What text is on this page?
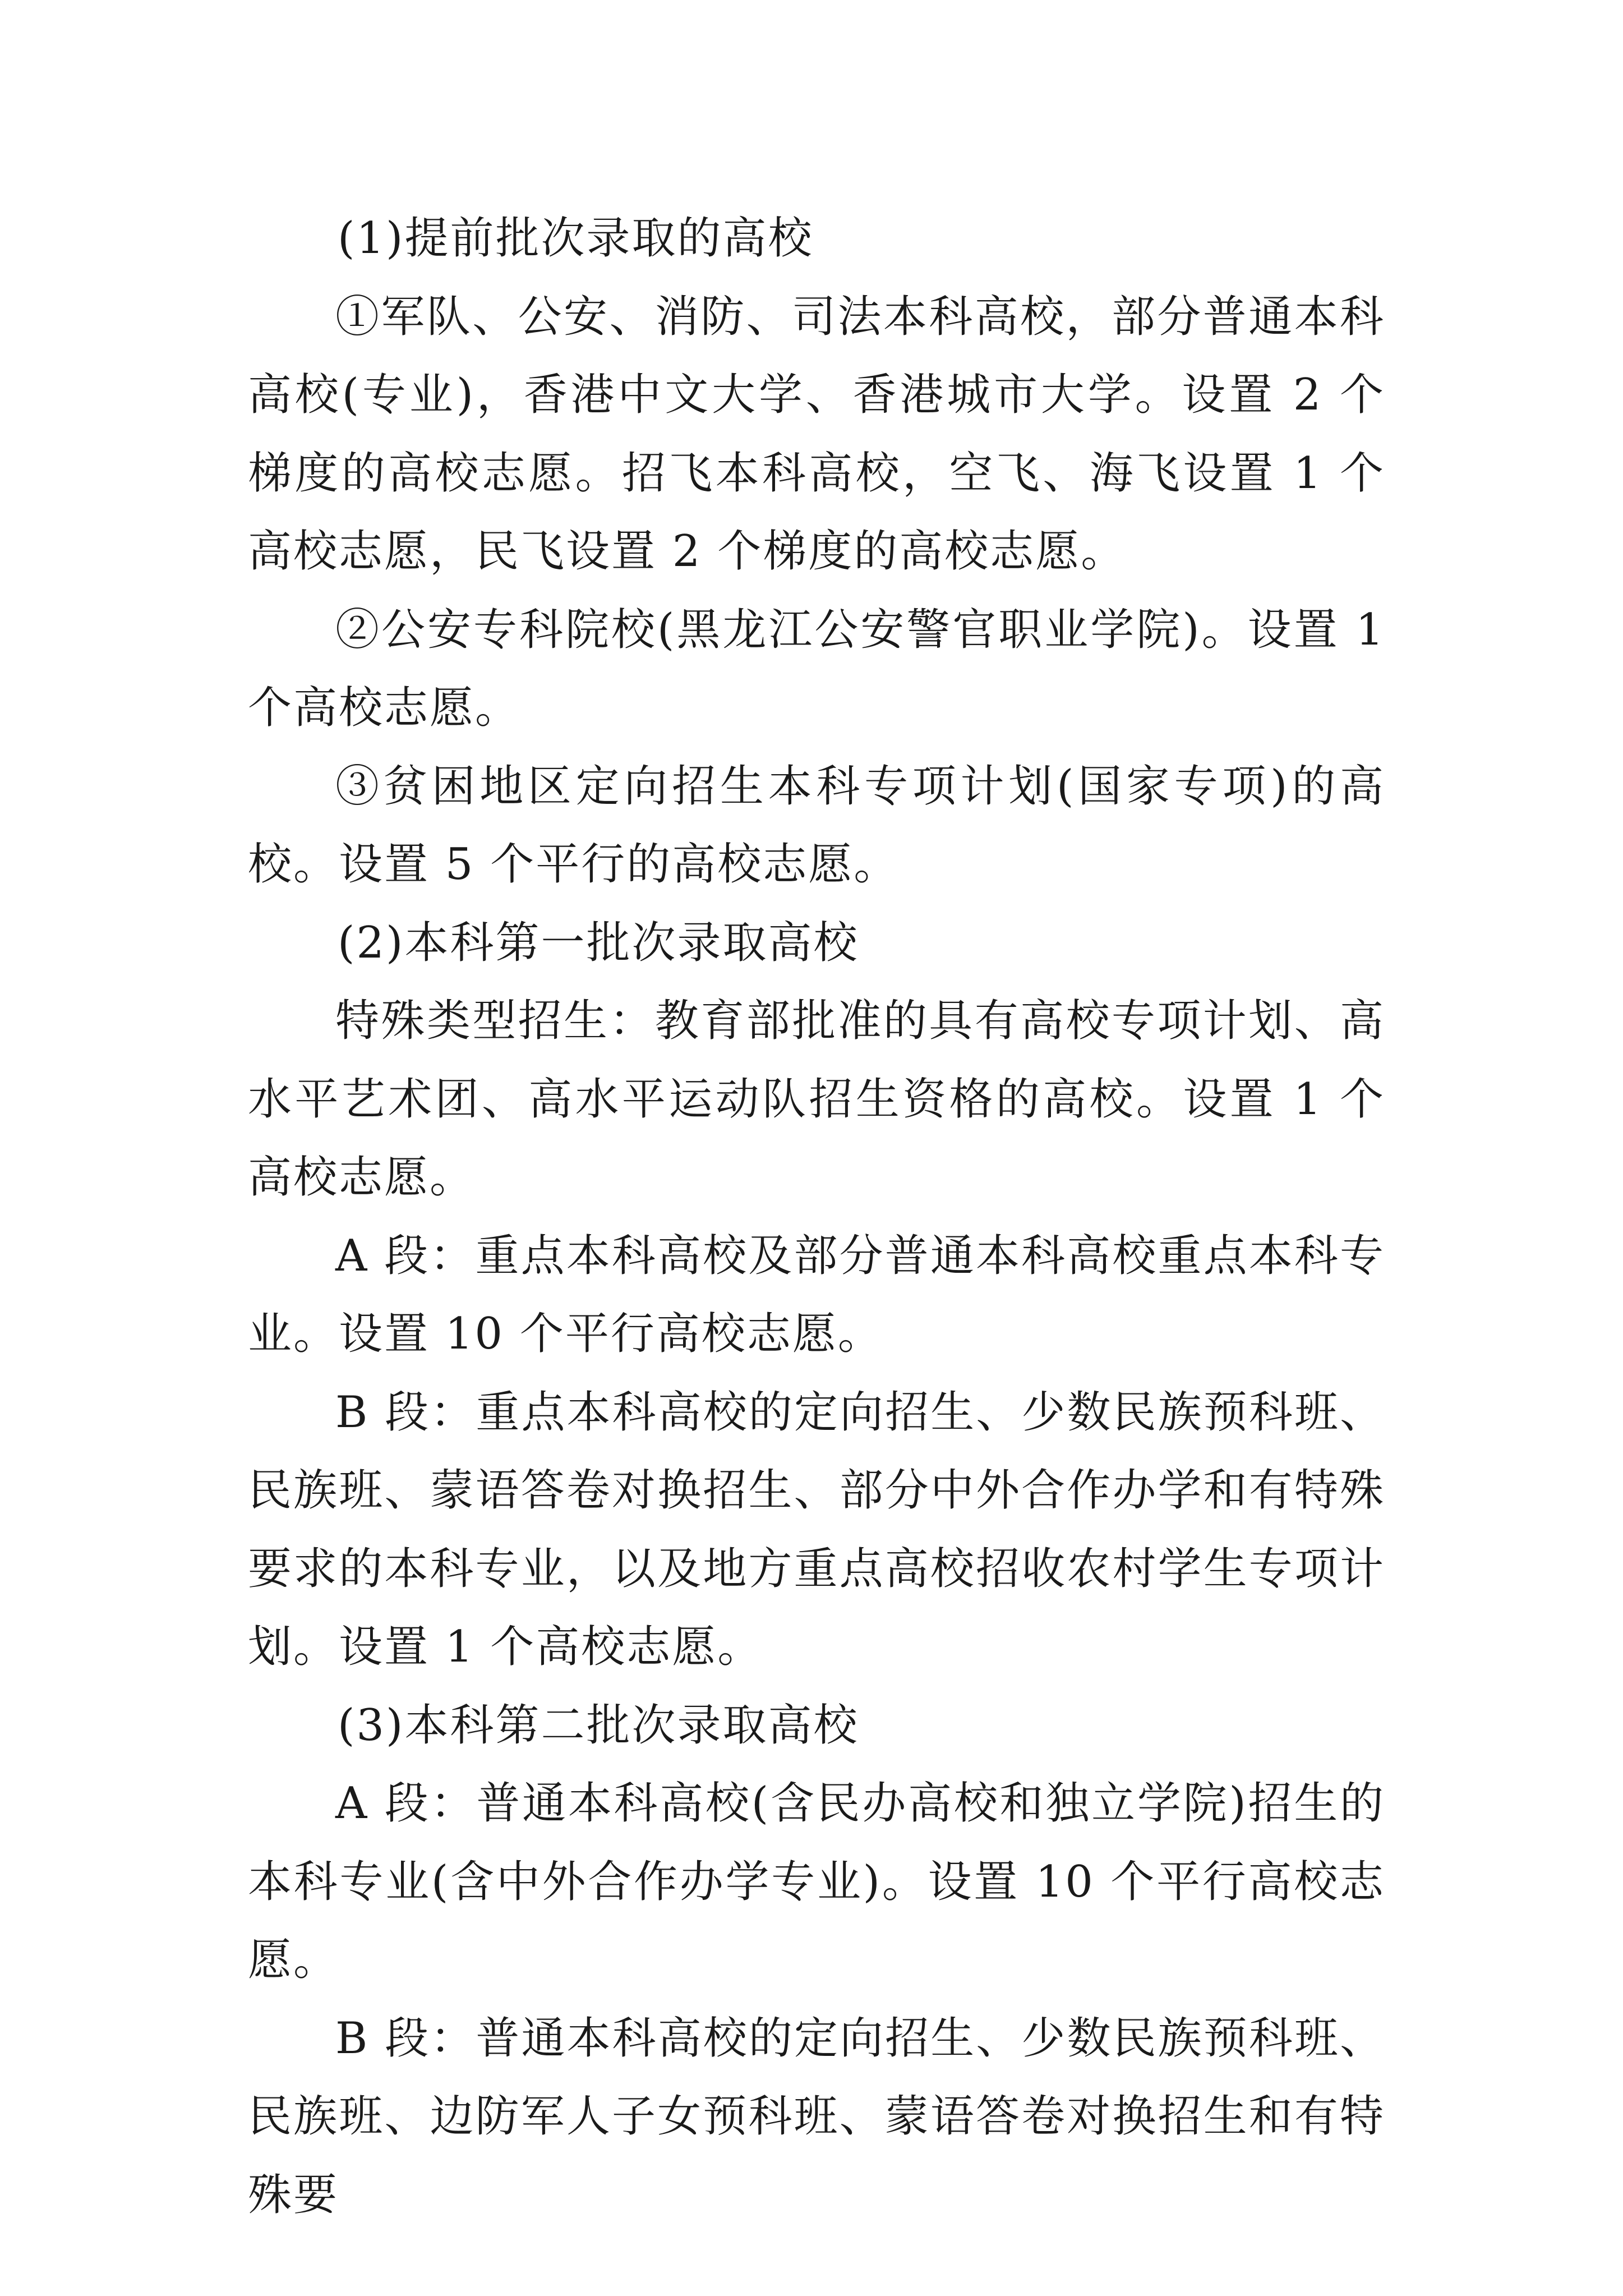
(1)提前批次录取的高校

①军队、公安、消防、司法本科高校，部分普通本科高校(专业)，香港中文大学、香港城市大学。设置 2 个梯度的高校志愿。招飞本科高校，空飞、海飞设置 1 个高校志愿，民飞设置 2 个梯度的高校志愿。

②公安专科院校(黑龙江公安警官职业学院)。设置 1 个高校志愿。

③贫困地区定向招生本科专项计划(国家专项)的高校。设置 5 个平行的高校志愿。

(2)本科第一批次录取高校

特殊类型招生：教育部批准的具有高校专项计划、高水平艺术团、高水平运动队招生资格的高校。设置 1 个高校志愿。

A 段：重点本科高校及部分普通本科高校重点本科专业。设置 10 个平行高校志愿。

B 段：重点本科高校的定向招生、少数民族预科班、民族班、蒙语答卷对换招生、部分中外合作办学和有特殊要求的本科专业，以及地方重点高校招收农村学生专项计划。设置 1 个高校志愿。

(3)本科第二批次录取高校

A 段：普通本科高校(含民办高校和独立学院)招生的本科专业(含中外合作办学专业)。设置 10 个平行高校志愿。

B 段：普通本科高校的定向招生、少数民族预科班、民族班、边防军人子女预科班、蒙语答卷对换招生和有特殊要
